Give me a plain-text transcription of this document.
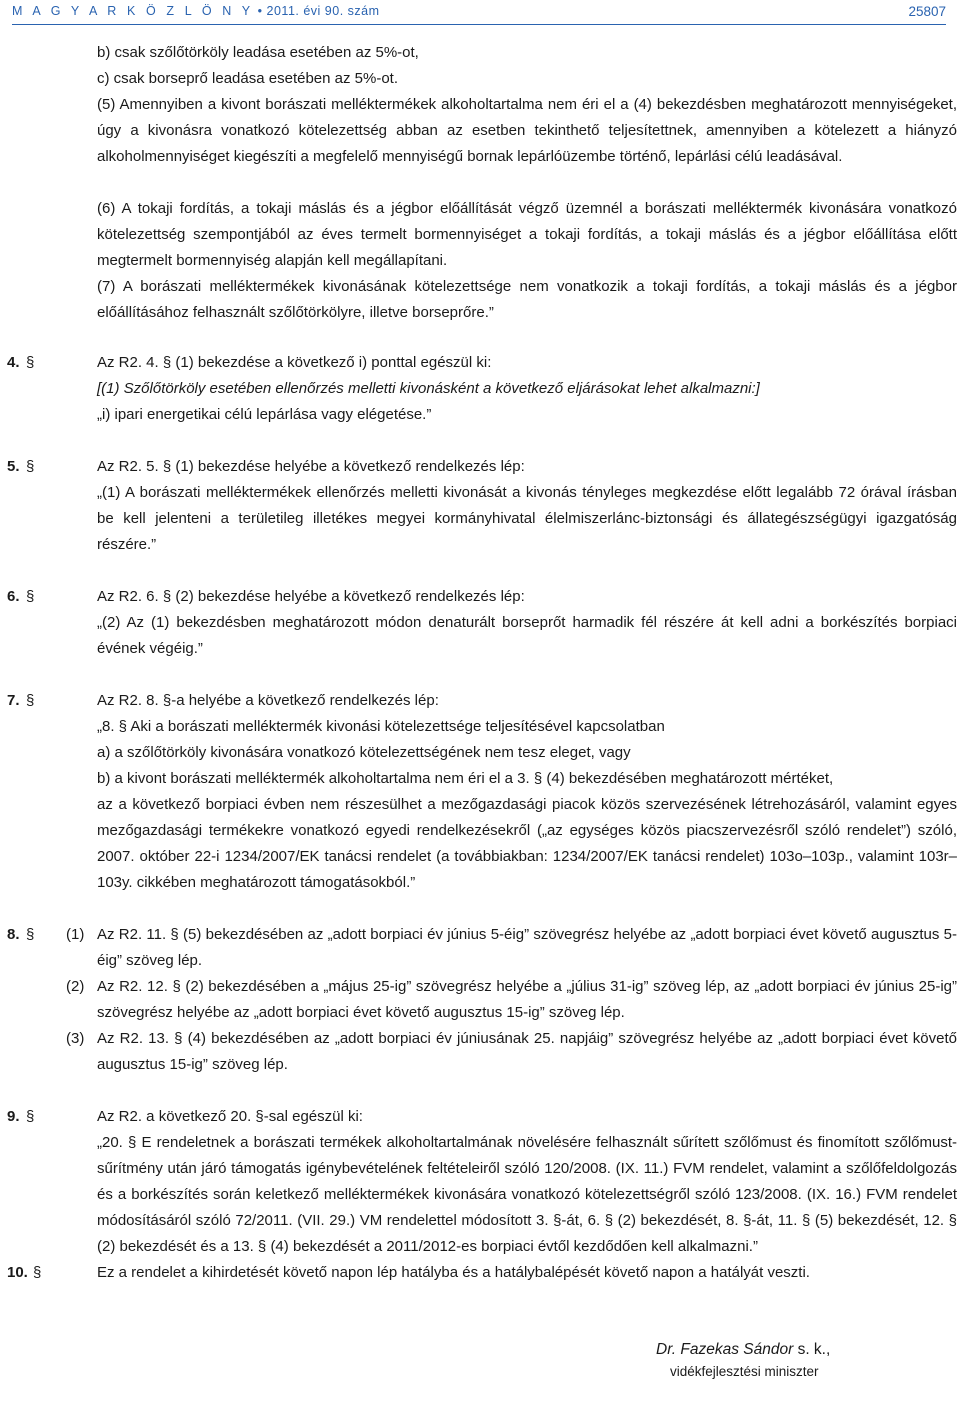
M A G Y A R K Ö Z L Ö N Y • 2011. évi 90. szám	25807
b) csak szőlőtörköly leadása esetében az 5%-ot,
c) csak borseprő leadása esetében az 5%-ot.
(5) Amennyiben a kivont borászati melléktermékek alkoholtartalma nem éri el a (4) bekezdésben meghatározott mennyiségeket, úgy a kivonásra vonatkozó kötelezettség abban az esetben tekinthető teljesítettnek, amennyiben a kötelezett a hiányzó alkoholmennyiséget kiegészíti a megfelelő mennyiségű bornak lepárlóüzembe történő, lepárlási célú leadásával.
(6) A tokaji fordítás, a tokaji máslás és a jégbor előállítását végző üzemnél a borászati melléktermék kivonására vonatkozó kötelezettség szempontjából az éves termelt bormennyiséget a tokaji fordítás, a tokaji máslás és a jégbor előállítása előtt megtermelt bormennyiség alapján kell megállapítani.
(7) A borászati melléktermékek kivonásának kötelezettsége nem vonatkozik a tokaji fordítás, a tokaji máslás és a jégbor előállításához felhasznált szőlőtörkölyre, illetve borseprőre.”
4. §	Az R2. 4. § (1) bekezdése a következő i) ponttal egészül ki:
[(1) Szőlőtörköly esetében ellenőrzés melletti kivonásként a következő eljárásokat lehet alkalmazni:]
„i) ipari energetikai célú lepárlása vagy elégetése.”
5. §	Az R2. 5. § (1) bekezdése helyébe a következő rendelkezés lép:
„(1) A borászati melléktermékek ellenőrzés melletti kivonását a kivonás tényleges megkezdése előtt legalább 72 órával írásban be kell jelenteni a területileg illetékes megyei kormányhivatal élelmiszerlánc-biztonsági és állategészségügyi igazgatóság részére.”
6. §	Az R2. 6. § (2) bekezdése helyébe a következő rendelkezés lép:
„(2) Az (1) bekezdésben meghatározott módon denaturált borseprőt harmadik fél részére át kell adni a borkészítés borpiaci évének végéig.”
7. §	Az R2. 8. §-a helyébe a következő rendelkezés lép:
„8. § Aki a borászati melléktermék kivonási kötelezettsége teljesítésével kapcsolatban
a) a szőlőtörköly kivonására vonatkozó kötelezettségének nem tesz eleget, vagy
b) a kivont borászati melléktermék alkoholtartalma nem éri el a 3. § (4) bekezdésében meghatározott mértéket,
az a következő borpiaci évben nem részesülhet a mezőgazdasági piacok közös szervezésének létrehozásáról, valamint egyes mezőgazdasági termékekre vonatkozó egyedi rendelkezésekről („az egységes közös piacszervezésről szóló rendelet”) szóló, 2007. október 22-i 1234/2007/EK tanácsi rendelet (a továbbiakban: 1234/2007/EK tanácsi rendelet) 103o–103p., valamint 103r–103y. cikkében meghatározott támogatásokból.”
8. § (1) Az R2. 11. § (5) bekezdésében az „adott borpiaci év június 5-éig” szövegrész helyébe az „adott borpiaci évet követő augusztus 5-éig” szöveg lép.
(2) Az R2. 12. § (2) bekezdésében a „május 25-ig” szövegrész helyébe a „július 31-ig” szöveg lép, az „adott borpiaci év június 25-ig” szövegrész helyébe az „adott borpiaci évet követő augusztus 15-ig” szöveg lép.
(3) Az R2. 13. § (4) bekezdésében az „adott borpiaci év júniusának 25. napjáig” szövegrész helyébe az „adott borpiaci évet követő augusztus 15-ig” szöveg lép.
9. §	Az R2. a következő 20. §-sal egészül ki:
„20. § E rendeletnek a borászati termékek alkoholtartalmának növelésére felhasznált sűrített szőlőmust és finomított szőlőmust-sűrítmény után járó támogatás igénybevételének feltételeiről szóló 120/2008. (IX. 11.) FVM rendelet, valamint a szőlőfeldolgozás és a borkészítés során keletkező melléktermékek kivonására vonatkozó kötelezettségről szóló 123/2008. (IX. 16.) FVM rendelet módosításáról szóló 72/2011. (VII. 29.) VM rendelettel módosított 3. §-át, 6. § (2) bekezdését, 8. §-át, 11. § (5) bekezdését, 12. § (2) bekezdését és a 13. § (4) bekezdését a 2011/2012-es borpiaci évtől kezdődően kell alkalmazni.”
10. §	Ez a rendelet a kihirdetését követő napon lép hatályba és a hatálybalépését követő napon a hatályát veszti.
Dr. Fazekas Sándor s. k.,
vidékfejlesztési miniszter
